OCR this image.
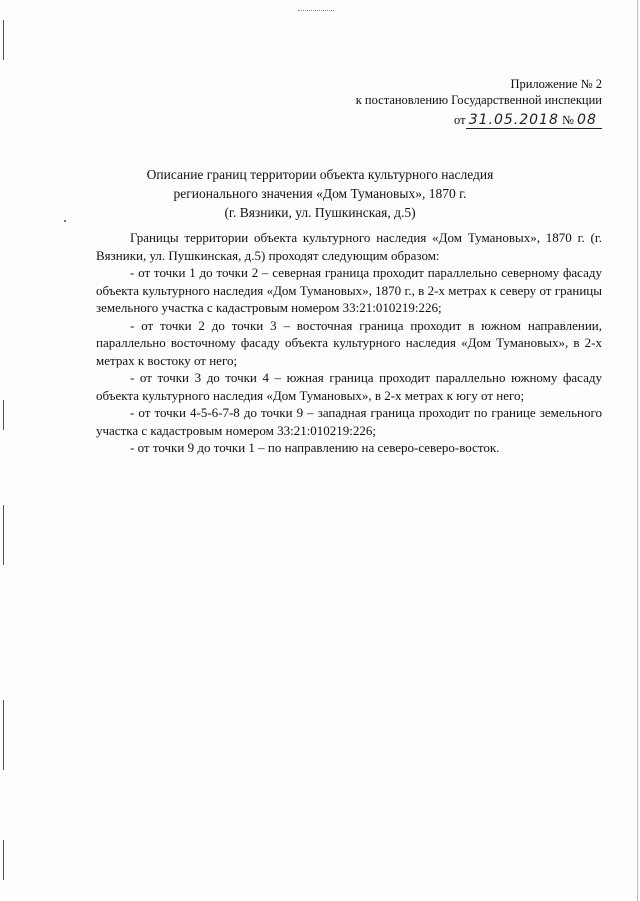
Приложение № 2
к постановлению Государственной инспекции
от 31.05.2018 № 08
Описание границ территории объекта культурного наследия
регионального значения «Дом Тумановых», 1870 г.
(г. Вязники, ул. Пушкинская, д.5)

Границы территории объекта культурного наследия «Дом Тумановых», 1870 г. (г. Вязники, ул. Пушкинская, д.5) проходят следующим образом:

- от точки 1 до точки 2 – северная граница проходит параллельно северному фасаду объекта культурного наследия «Дом Тумановых», 1870 г., в 2-х метрах к северу от границы земельного участка с кадастровым номером 33:21:010219:226;

- от точки 2 до точки 3 – восточная граница проходит в южном направлении, параллельно восточному фасаду объекта культурного наследия «Дом Тумановых», в 2-х метрах к востоку от него;

- от точки 3 до точки 4 – южная граница проходит параллельно южному фасаду объекта культурного наследия «Дом Тумановых», в 2-х метрах к югу от него;

- от точки 4-5-6-7-8 до точки 9 – западная граница проходит по границе земельного участка с кадастровым номером 33:21:010219:226;

- от точки 9 до точки 1 – по направлению на северо-северо-восток.
